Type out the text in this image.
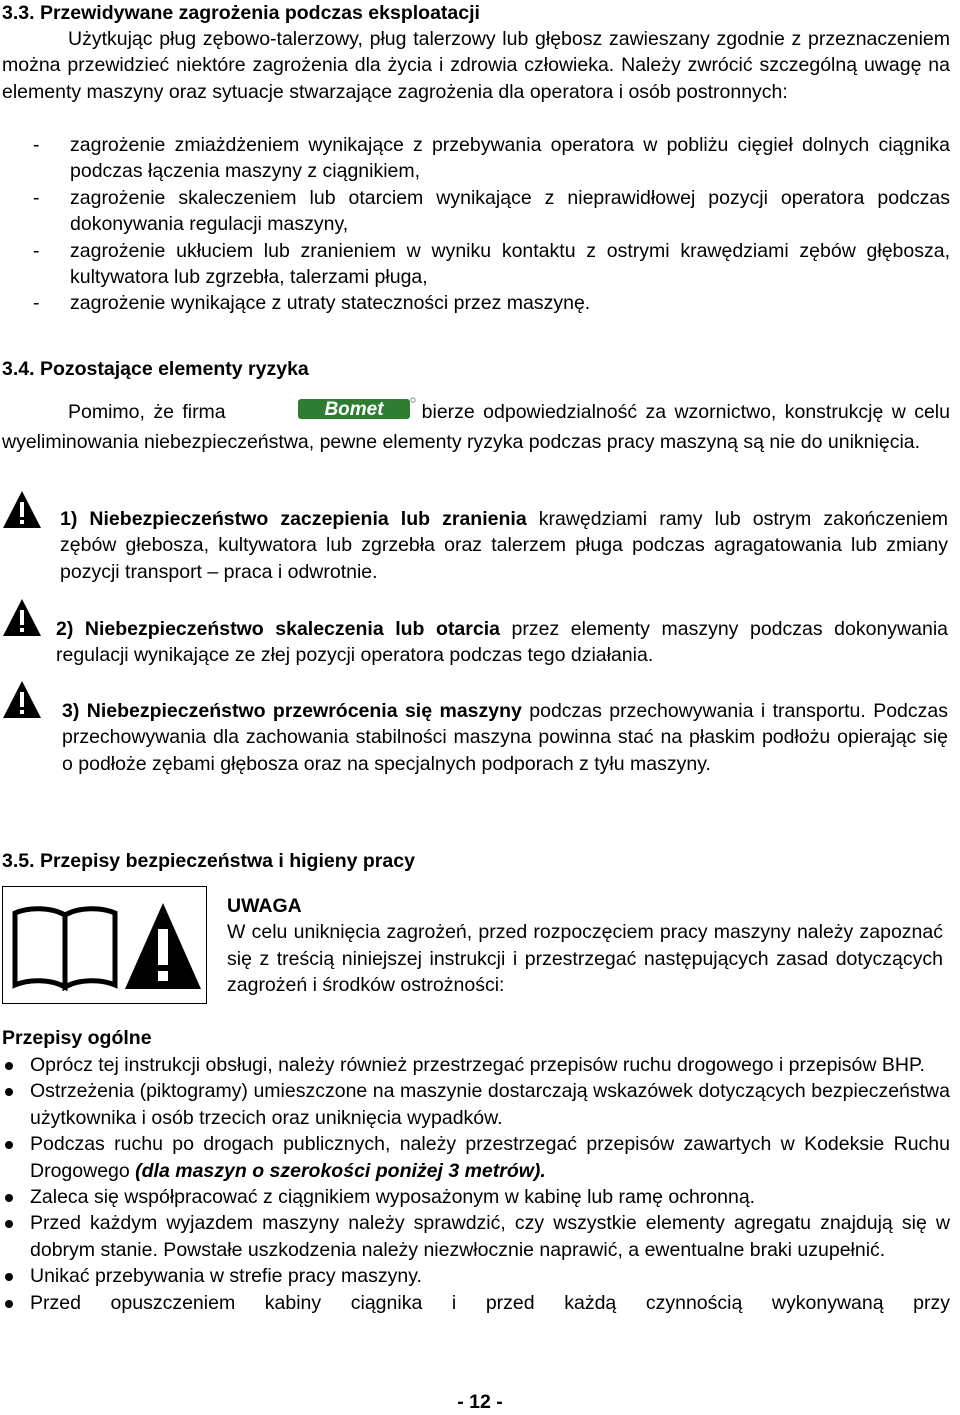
3.3. Przewidywane zagrożenia podczas eksploatacji

Użytkując pług zębowo-talerzowy, pług talerzowy lub głębosz zawieszany zgodnie z przeznaczeniem można przewidzieć niektóre zagrożenia dla życia i zdrowia człowieka. Należy zwrócić szczególną uwagę na elementy maszyny oraz sytuacje stwarzające zagrożenia dla operatora i osób postronnych:

- zagrożenie zmiażdżeniem wynikające z przebywania operatora w pobliżu cięgieł dolnych ciągnika podczas łączenia maszyny z ciągnikiem,
- zagrożenie skaleczeniem lub otarciem wynikające z nieprawidłowej pozycji operatora podczas dokonywania regulacji maszyny,
- zagrożenie ukłuciem lub zranieniem w wyniku kontaktu z ostrymi krawędziami zębów głębosza, kultywatora lub zgrzebła, talerzami pługa,
- zagrożenie wynikające z utraty stateczności przez maszynę.
3.4. Pozostające elementy ryzyka

Pomimo, że firma	Bomet bierze odpowiedzialność za wzornictwo, konstrukcję w celu wyeliminowania niebezpieczeństwa, pewne elementy ryzyka podczas pracy maszyną są nie do uniknięcia.

1) Niebezpieczeństwo zaczepienia lub zranienia krawędziami ramy lub ostrym zakończeniem zębów głebosza, kultywatora lub zgrzebła oraz talerzem pługa podczas agragatowania lub zmiany pozycji transport – praca i odwrotnie.
2) Niebezpieczeństwo skaleczenia lub otarcia przez elementy maszyny podczas dokonywania regulacji wynikające ze złej pozycji operatora podczas tego działania.
3) Niebezpieczeństwo przewrócenia się maszyny podczas przechowywania i transportu. Podczas przechowywania dla zachowania stabilności maszyna powinna stać na płaskim podłożu opierając się o podłoże zębami głębosza oraz na specjalnych podporach z tyłu maszyny.
3.5. Przepisy bezpieczeństwa i higieny pracy
UWAGA
W celu uniknięcia zagrożeń, przed rozpoczęciem pracy maszyny należy zapoznać się z treścią niniejszej instrukcji i przestrzegać następujących zasad dotyczących zagrożeń i środków ostrożności:
Przepisy ogólne
Oprócz tej instrukcji obsługi, należy również przestrzegać przepisów ruchu drogowego i przepisów BHP.
Ostrzeżenia (piktogramy) umieszczone na maszynie dostarczają wskazówek dotyczących bezpieczeństwa użytkownika i osób trzecich oraz uniknięcia wypadków.
Podczas ruchu po drogach publicznych, należy przestrzegać przepisów zawartych w Kodeksie Ruchu Drogowego (dla maszyn o szerokości poniżej 3 metrów).
Zaleca się współpracować z ciągnikiem wyposażonym w kabinę lub ramę ochronną.
Przed każdym wyjazdem maszyny należy sprawdzić, czy wszystkie elementy agregatu znajdują się w dobrym stanie. Powstałe uszkodzenia należy niezwłocznie naprawić, a ewentualne braki uzupełnić.
Unikać przebywania w strefie pracy maszyny.
Przed opuszczeniem kabiny ciągnika i przed każdą czynnością wykonywaną przy
- 12 -
